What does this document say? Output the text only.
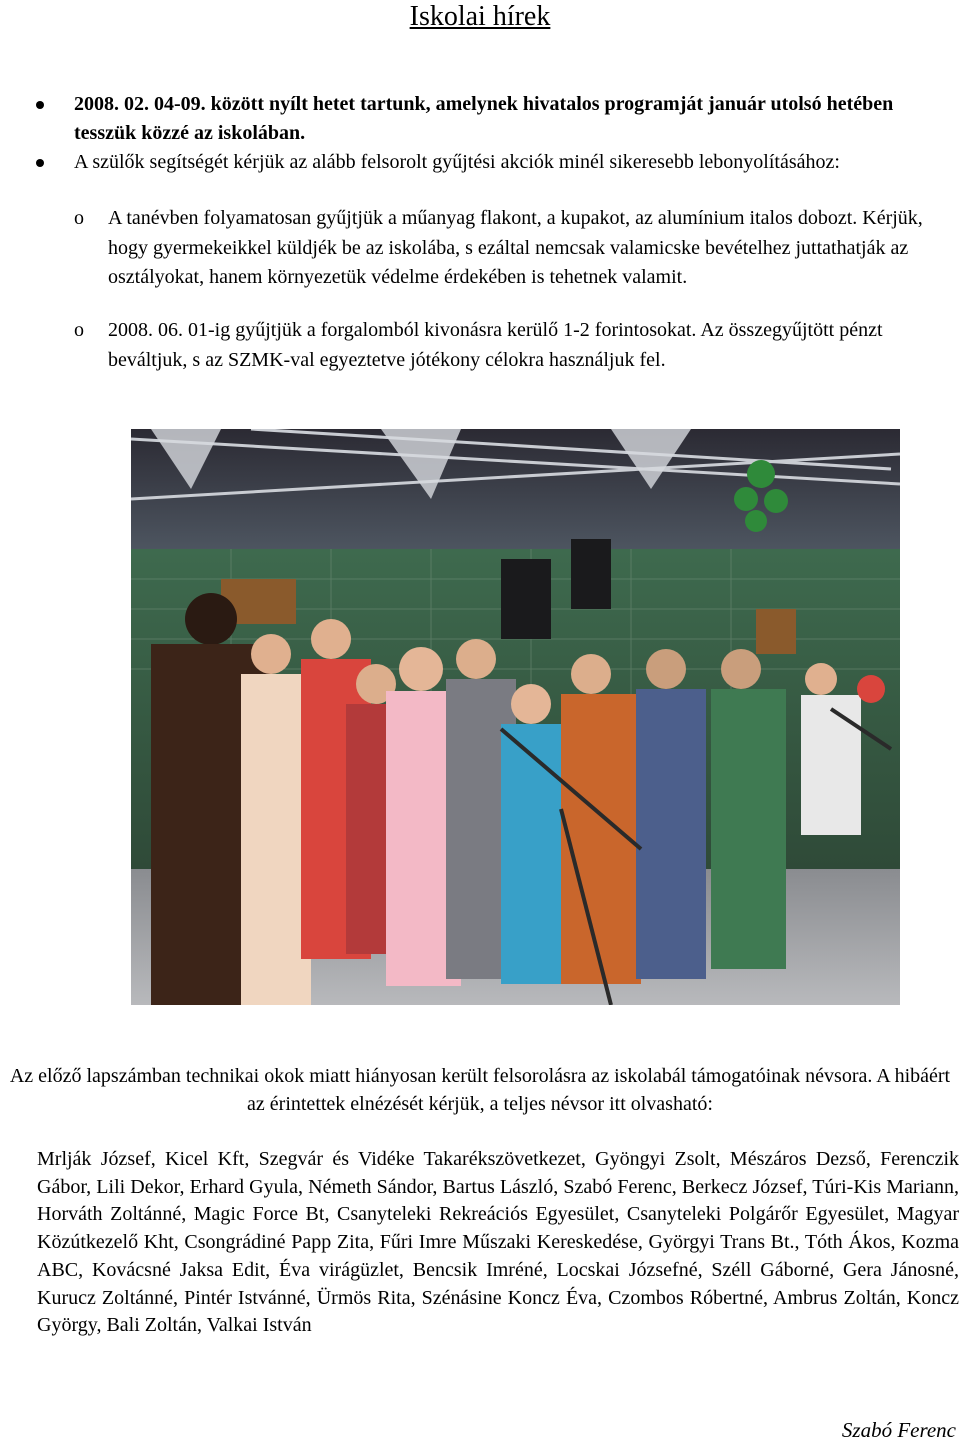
Iskolai hírek
2008. 02. 04-09. között nyílt hetet tartunk, amelynek hivatalos programját január utolsó hetében tesszük közzé az iskolában.
A szülők segítségét kérjük az alább felsorolt gyűjtési akciók minél sikeresebb lebonyolításához:
o A tanévben folyamatosan gyűjtjük a műanyag flakont, a kupakot, az alumínium italos dobozt. Kérjük, hogy gyermekeikkel küldjék be az iskolába, s ezáltal nemcsak valamicske bevételhez juttathatják az osztályokat, hanem környezetük védelme érdekében is tehetnek valamit.
o 2008. 06. 01-ig gyűjtjük a forgalomból kivonásra kerülő 1-2 forintosokat. Az összegyűjtött pénzt beváltjuk, s az SZMK-val egyeztetve jótékony célokra használjuk fel.
Az előző lapszámban technikai okok miatt hiányosan került felsorolásra az iskolabál támogatóinak névsora. A hibáért az érintettek elnézését kérjük, a teljes névsor itt olvasható:
Mrlják József, Kicel Kft, Szegvár és Vidéke Takarékszövetkezet, Gyöngyi Zsolt, Mészáros Dezső, Ferenczik Gábor, Lili Dekor, Erhard Gyula, Németh Sándor, Bartus László, Szabó Ferenc, Berkecz József, Túri-Kis Mariann, Horváth Zoltánné, Magic Force Bt, Csanyteleki Rekreációs Egyesület, Csanyteleki Polgárőr Egyesület, Magyar Közútkezelő Kht, Csongrádiné Papp Zita, Fűri Imre Műszaki Kereskedése, Györgyi Trans Bt., Tóth Ákos, Kozma ABC, Kovácsné Jaksa Edit, Éva virágüzlet, Bencsik Imréné, Locskai Józsefné, Széll Gáborné, Gera Jánosné, Kurucz Zoltánné, Pintér Istvánné, Ürmös Rita, Szénásine Koncz Éva, Czombos Róbertné, Ambrus Zoltán, Koncz György, Bali Zoltán, Valkai István
Szabó Ferenc
